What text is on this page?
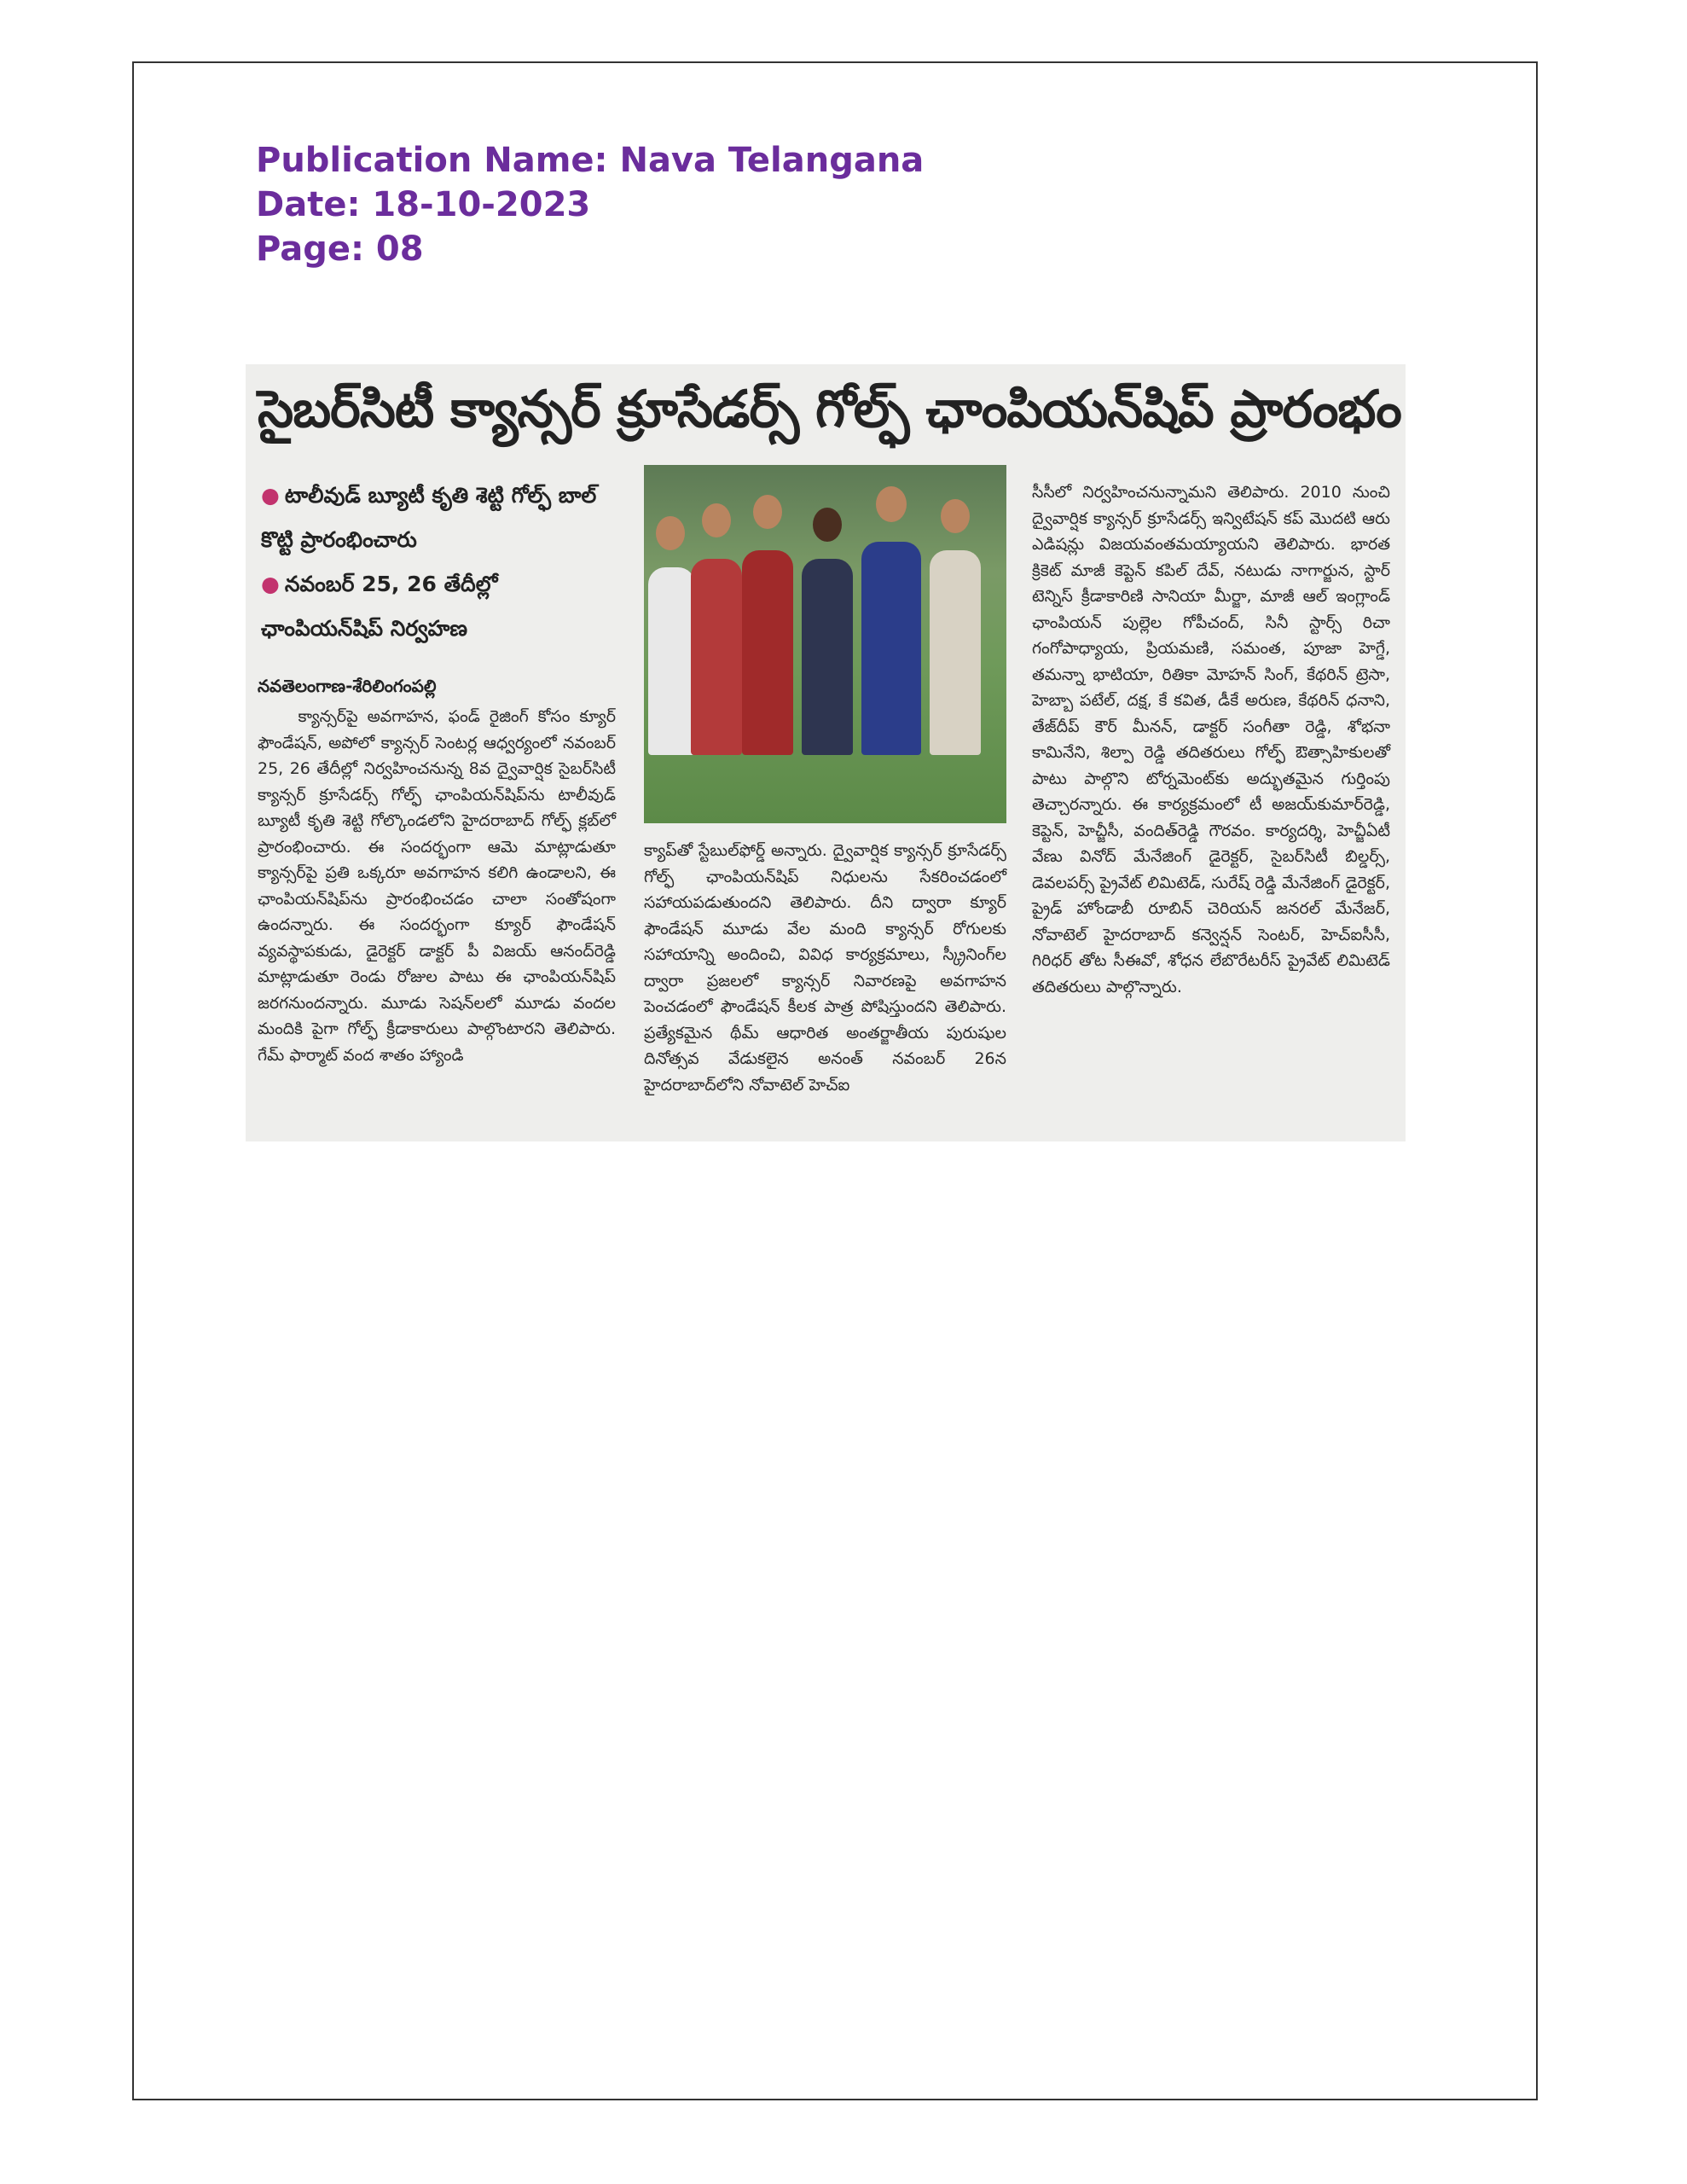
Publication Name: Nava Telangana
Date: 18-10-2023
Page: 08
సైబర్‌సిటీ క్యాన్సర్ క్రూసేడర్స్ గోల్ఫ్ ఛాంపియన్‌షిప్ ప్రారంభం
● టాలీవుడ్ బ్యూటీ కృతి శెట్టి గోల్ఫ్ బాల్ కొట్టి ప్రారంభించారు
● నవంబర్ 25, 26 తేదీల్లో ఛాంపియన్‌షిప్ నిర్వహణ
నవతెలంగాణ-శేరిలింగంపల్లి
క్యాన్సర్‌పై అవగాహన, ఫండ్ రైజింగ్ కోసం క్యూర్ ఫౌండేషన్, అపోలో క్యాన్సర్ సెంటర్ల ఆధ్వర్యంలో నవంబర్ 25, 26 తేదీల్లో నిర్వహించనున్న 8వ ద్వైవార్షిక సైబర్‌సిటీ క్యాన్సర్ క్రూసేడర్స్ గోల్ఫ్ ఛాంపియన్‌షిప్‌ను టాలీవుడ్ బ్యూటీ కృతి శెట్టి గోల్కొండలోని హైదరాబాద్ గోల్ఫ్ క్లబ్‌లో ప్రారంభించారు. ఈ సందర్భంగా ఆమె మాట్లాడుతూ క్యాన్సర్‌పై ప్రతి ఒక్కరూ అవగాహన కలిగి ఉండాలని, ఈ ఛాంపియన్‌షిప్‌ను ప్రారంభించడం చాలా సంతోషంగా ఉందన్నారు. ఈ సందర్భంగా క్యూర్ ఫౌండేషన్ వ్యవస్థాపకుడు, డైరెక్టర్ డాక్టర్ పీ విజయ్ ఆనంద్‌రెడ్డి మాట్లాడుతూ రెండు రోజుల పాటు ఈ ఛాంపియన్‌షిప్ జరగనుందన్నారు. మూడు సెషన్‌లలో మూడు వందల మందికి పైగా గోల్ఫ్ క్రీడాకారులు పాల్గొంటారని తెలిపారు. గేమ్ ఫార్మాట్ వంద శాతం హ్యాండి
క్యాప్‌తో స్టేబుల్‌ఫోర్డ్ అన్నారు. ద్వైవార్షిక క్యాన్సర్ క్రూసేడర్స్ గోల్ఫ్ ఛాంపియన్‌షిప్ నిధులను సేకరించడంలో సహాయపడుతుందని తెలిపారు. దీని ద్వారా క్యూర్ ఫౌండేషన్ మూడు వేల మంది క్యాన్సర్ రోగులకు సహాయాన్ని అందించి, వివిధ కార్యక్రమాలు, స్క్రీనింగ్‌ల ద్వారా ప్రజలలో క్యాన్సర్ నివారణపై అవగాహన పెంచడంలో ఫౌండేషన్ కీలక పాత్ర పోషిస్తుందని తెలిపారు. ప్రత్యేకమైన థీమ్ ఆధారిత అంతర్జాతీయ పురుషుల దినోత్సవ వేడుకలైన అనంత్ నవంబర్ 26న హైదరాబాద్‌లోని నోవాటెల్ హెచ్‌ఐ
సీసీలో నిర్వహించనున్నామని తెలిపారు. 2010 నుంచి ద్వైవార్షిక క్యాన్సర్ క్రూసేడర్స్ ఇన్విటేషన్ కప్ మొదటి ఆరు ఎడిషన్లు విజయవంతమయ్యాయని తెలిపారు. భారత క్రికెట్ మాజీ కెప్టెన్ కపిల్ దేవ్, నటుడు నాగార్జున, స్టార్ టెన్నిస్ క్రీడాకారిణి సానియా మీర్జా, మాజీ ఆల్ ఇంగ్లాండ్ ఛాంపియన్ పుల్లెల గోపీచంద్, సినీ స్టార్స్ రిచా గంగోపాధ్యాయ, ప్రియమణి, సమంత, పూజా హెగ్డే, తమన్నా భాటియా, రితికా మోహన్ సింగ్, కేథరిన్ ట్రెసా, హెబ్బా పటేల్, దక్ష, కే కవిత, డీకే అరుణ, కేథరిన్ ధనాని, తేజ్‌దీప్ కౌర్ మీనన్, డాక్టర్ సంగీతా రెడ్డి, శోభనా కామినేని, శిల్పా రెడ్డి తదితరులు గోల్ఫ్ ఔత్సాహికులతో పాటు పాల్గొని టోర్నమెంట్‌కు అద్భుతమైన గుర్తింపు తెచ్చారన్నారు. ఈ కార్యక్రమంలో టీ అజయ్‌కుమార్‌రెడ్డి, కెప్టెన్, హెచ్జీసీ, వందిత్‌రెడ్డి గౌరవం. కార్యదర్శి, హెచ్జీఏటీ వేణు వినోద్ మేనేజింగ్ డైరెక్టర్, సైబర్‌సిటీ బిల్డర్స్, డెవలపర్స్ ప్రైవేట్ లిమిటెడ్, సురేష్ రెడ్డి మేనేజింగ్ డైరెక్టర్, ప్రైడ్ హోండాబీ రూబిన్ చెరియన్ జనరల్ మేనేజర్, నోవాటెల్ హైదరాబాద్ కన్వెన్షన్ సెంటర్, హెచ్ఐసీసీ, గిరిధర్ తోట సీఈవో, శోధన లేబొరేటరీస్ ప్రైవేట్ లిమిటెడ్ తదితరులు పాల్గొన్నారు.
